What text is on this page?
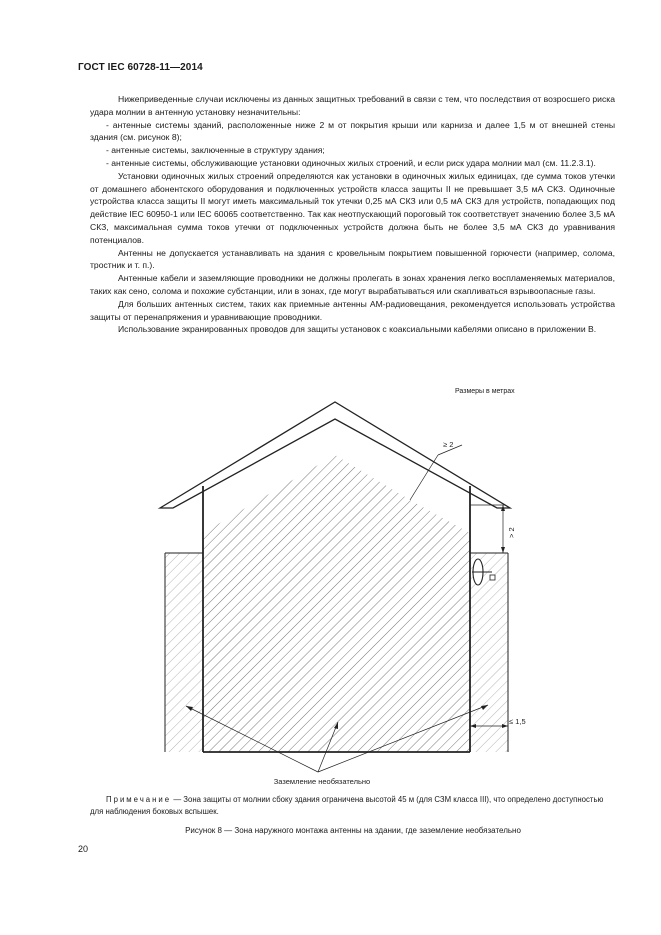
ГОСТ IEC 60728-11—2014

Нижеприведенные случаи исключены из данных защитных требований в связи с тем, что последствия от возросшего риска удара молнии в антенную установку незначительны:

- антенные системы зданий, расположенные ниже 2 м от покрытия крыши или карниза и далее 1,5 м от внешней стены здания (см. рисунок 8);

- антенные системы, заключенные в структуру здания;

- антенные системы, обслуживающие установки одиночных жилых строений, и если риск удара молнии мал (см. 11.2.3.1).

Установки одиночных жилых строений определяются как установки в одиночных жилых единицах, где сумма токов утечки от домашнего абонентского оборудования и подключенных устройств класса защиты II не превышает 3,5 мА СКЗ. Одиночные устройства класса защиты II могут иметь максимальный ток утечки 0,25 мА СКЗ или 0,5 мА СКЗ для устройств, попадающих под действие IEC 60950-1 или IEC 60065 соответственно. Так как неотпускающий пороговый ток соответствует значению более 3,5 мА СКЗ, максимальная сумма токов утечки от подключенных устройств должна быть не более 3,5 мА СКЗ до уравнивания потенциалов.

Антенны не допускается устанавливать на здания с кровельным покрытием повышенной горючести (например, солома, тростник и т. п.).

Антенные кабели и заземляющие проводники не должны пролегать в зонах хранения легко воспламеняемых материалов, таких как сено, солома и похожие субстанции, или в зонах, где могут вырабатываться или скапливаться взрывоопасные газы.

Для больших антенных систем, таких как приемные антенны АМ-радиовещания, рекомендуется использовать устройства защиты от перенапряжения и уравнивающие проводники.

Использование экранированных проводов для защиты установок с коаксиальными кабелями описано в приложении В.

Размеры в метрах
≥ 2
> 2
≤ 1,5
Заземление необязательно
Примечание — Зона защиты от молнии сбоку здания ограничена высотой 45 м (для СЗМ класса III), что определено доступностью для наблюдения боковых вспышек.
Рисунок 8 — Зона наружного монтажа антенны на здании, где заземление необязательно
20
